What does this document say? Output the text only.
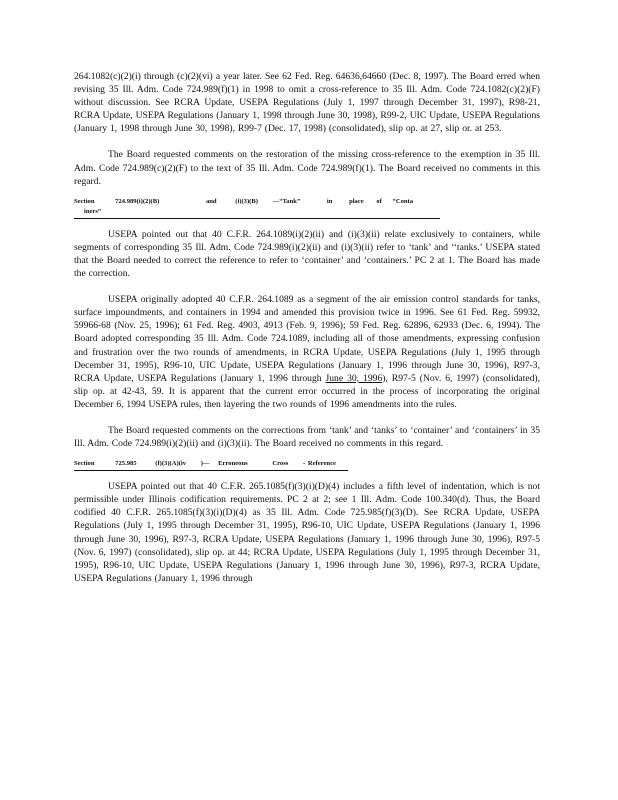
264.1082(c)(2)(i) through (c)(2)(vi) a year later. See 62 Fed. Reg. 64636,64660 (Dec. 8, 1997). The Board erred when revising 35 Ill. Adm. Code 724.989(f)(1) in 1998 to omit a cross-reference to 35 Ill. Adm. Code 724.1082(c)(2)(F) without discussion. See RCRA Update, USEPA Regulations (July 1, 1997 through December 31, 1997), R98-21, RCRA Update, USEPA Regulations (January 1, 1998 through June 30, 1998), R99-2, UIC Update, USEPA Regulations (January 1, 1998 through June 30, 1998), R99-7 (Dec. 17, 1998) (consolidated), slip op. at 27, slip or. at 253.

The Board requested comments on the restoration of the missing cross-reference to the exemption in 35 Ill. Adm. Code 724.989(c)(2)(F) to the text of 35 Ill. Adm. Code 724.989(f)(1). The Board received no comments in this regard.

Section	724.989(i)(2)(B)	and	(i)(3)(B) —“Tank”	in	place of “Conta iners”

USEPA pointed out that 40 C.F.R. 264.1089(i)(2)(ii) and (i)(3)(ii) relate exclusively to containers, while segments of corresponding 35 Ill. Adm. Code 724.989(i)(2)(ii) and (i)(3)(ii) refer to ‘tank’ and ‘‘tanks.’ USEPA stated that the Board needed to correct the reference to refer to ‘container’ and ‘containers.’ PC 2 at 1. The Board has made the correction.

USEPA originally adopted 40 C.F.R. 264.1089 as a segment of the air emission control standards for tanks, surface impoundments, and containers in 1994 and amended this provision twice in 1996. See 61 Fed. Reg. 59932, 59966-68 (Nov. 25, 1996); 61 Fed. Reg. 4903, 4913 (Feb. 9, 1996); 59 Fed. Reg. 62896, 62933 (Dec. 6, 1994). The Board adopted corresponding 35 Ill. Adm. Code 724.1089, including all of those amendments, expressing confusion and frustration over the two rounds of amendments, in RCRA Update, USEPA Regulations (July 1, 1995 through December 31, 1995), R96-10, UIC Update, USEPA Regulations (January 1, 1996 through June 30, 1996), R97-3, RCRA Update, USEPA Regulations (January 1, 1996 through June 30, 1996), R97-5 (Nov. 6, 1997) (consolidated), slip op. at 42-43, 59. It is apparent that the current error occurred in the process of incorporating the original December 6, 1994 USEPA rules, then layering the two rounds of 1996 amendments into the rules.

The Board requested comments on the corrections from ‘tank’ and ‘tanks’ to ‘container’ and ‘containers’ in 35 Ill. Adm. Code 724.989(i)(2)(ii) and (i)(3)(ii). The Board received no comments in this regard.

Section	725.985	(f)(3)(A)(iv )— Erroneous	Cross - Reference

USEPA pointed out that 40 C.F.R. 265.1085(f)(3)(i)(D)(4) includes a fifth level of indentation, which is not permissible under Illinois codification requirements. PC 2 at 2; see 1 Ill. Adm. Code 100.340(d). Thus, the Board codified 40 C.F.R. 265.1085(f)(3)(i)(D)(4) as 35 Ill. Adm. Code 725.985(f)(3)(D). See RCRA Update, USEPA Regulations (July 1, 1995 through December 31, 1995), R96-10, UIC Update, USEPA Regulations (January 1, 1996 through June 30, 1996), R97-3, RCRA Update, USEPA Regulations (January 1, 1996 through June 30, 1996), R97-5 (Nov. 6, 1997) (consolidated), slip op. at 44; RCRA Update, USEPA Regulations (July 1, 1995 through December 31, 1995), R96-10, UIC Update, USEPA Regulations (January 1, 1996 through June 30, 1996), R97-3, RCRA Update, USEPA Regulations (January 1, 1996 through
